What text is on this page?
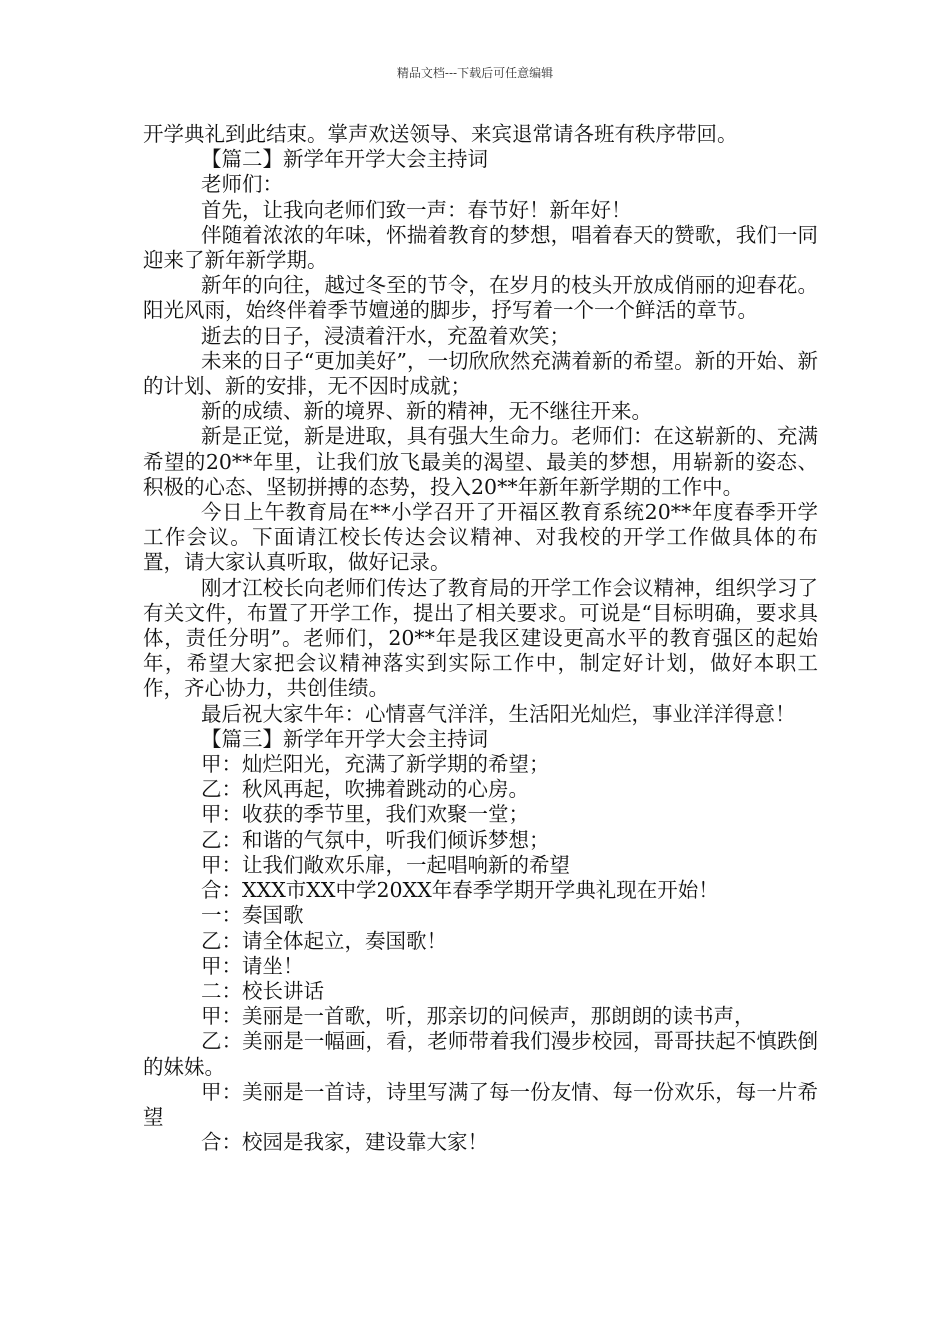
精品文档---下载后可任意编辑

开学典礼到此结束。掌声欢送领导、来宾退常请各班有秩序带回。

【篇二】新学年开学大会主持词

老师们：

首先，让我向老师们致一声：春节好！新年好！

伴随着浓浓的年味，怀揣着教育的梦想，唱着春天的赞歌，我们一同迎来了新年新学期。

新年的向往，越过冬至的节令，在岁月的枝头开放成俏丽的迎春花。阳光风雨，始终伴着季节嬗递的脚步，抒写着一个一个鲜活的章节。

逝去的日子，浸渍着汗水，充盈着欢笑；

未来的日子“更加美好”，一切欣欣然充满着新的希望。新的开始、新的计划、新的安排，无不因时成就；

新的成绩、新的境界、新的精神，无不继往开来。

新是正觉，新是进取，具有强大生命力。老师们：在这崭新的、充满希望的20**年里，让我们放飞最美的渴望、最美的梦想，用崭新的姿态、积极的心态、坚韧拼搏的态势，投入20**年新年新学期的工作中。

今日上午教育局在**小学召开了开福区教育系统20**年度春季开学工作会议。下面请江校长传达会议精神、对我校的开学工作做具体的布置，请大家认真听取，做好记录。

刚才江校长向老师们传达了教育局的开学工作会议精神，组织学习了有关文件，布置了开学工作，提出了相关要求。可说是“目标明确，要求具体，责任分明”。老师们，20**年是我区建设更高水平的教育强区的起始年，希望大家把会议精神落实到实际工作中，制定好计划，做好本职工作，齐心协力，共创佳绩。

最后祝大家牛年：心情喜气洋洋，生活阳光灿烂，事业洋洋得意！

【篇三】新学年开学大会主持词

甲：灿烂阳光，充满了新学期的希望；

乙：秋风再起，吹拂着跳动的心房。

甲：收获的季节里，我们欢聚一堂；

乙：和谐的气氛中，听我们倾诉梦想；

甲：让我们敞欢乐扉，一起唱响新的希望

合：XXX市XX中学20XX年春季学期开学典礼现在开始！

一：奏国歌

乙：请全体起立，奏国歌！

甲：请坐！

二：校长讲话

甲：美丽是一首歌，听，那亲切的问候声，那朗朗的读书声，

乙：美丽是一幅画，看，老师带着我们漫步校园，哥哥扶起不慎跌倒的妹妹。

甲：美丽是一首诗，诗里写满了每一份友情、每一份欢乐，每一片希望

合：校园是我家，建设靠大家！
